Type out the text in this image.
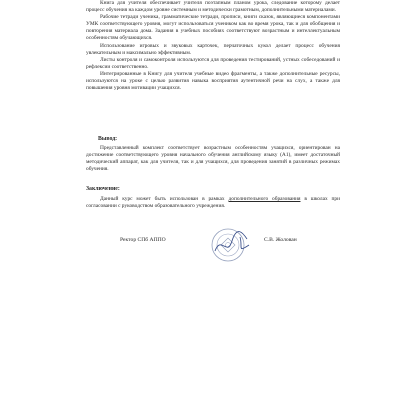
Книга для учителя обеспечивает учителя поэтапным планом урока, следование которому делает процесс обучения на каждом уровне системным и методически грамотным, дополнительными материалами.

Рабочие тетради ученика, грамматические тетради, прописи, книги сказок, являющиеся компонентами УМК соответствующего уровня, могут использоваться учеником как во время урока, так и для обобщения и повторения материала дома. Задания в учебных пособиях соответствуют возрастным и интеллектуальным особенностям обучающихся.

Использование игровых и звуковых карточек, перчаточных кукол делает процесс обучения увлекательным и максимально эффективным.

Листы контроля и самоконтроля используются для проведения тестирований, устных собеседований и рефлексии соответственно.

Интегрированные в Книгу для учителя учебные видео фрагменты, а также дополнительные ресурсы, используются на уроке с целью развития навыка восприятия аутентичной речи на слух, а также для повышения уровня мотивации учащихся.

Вывод:

Представленный комплект соответствует возрастным особенностям учащихся, ориентирован на достижение соответствующего уровня начального обучения английскому языку (A1), имеет достаточный методический аппарат, как для учителя, так и для учащихся, для проведения занятий в различных режимах обучения.

Заключение:

Данный курс может быть использован в рамках дополнительного образования в школах при согласовании с руководством образовательного учреждения.

Ректор СПб АППО	С.В. Жолован
